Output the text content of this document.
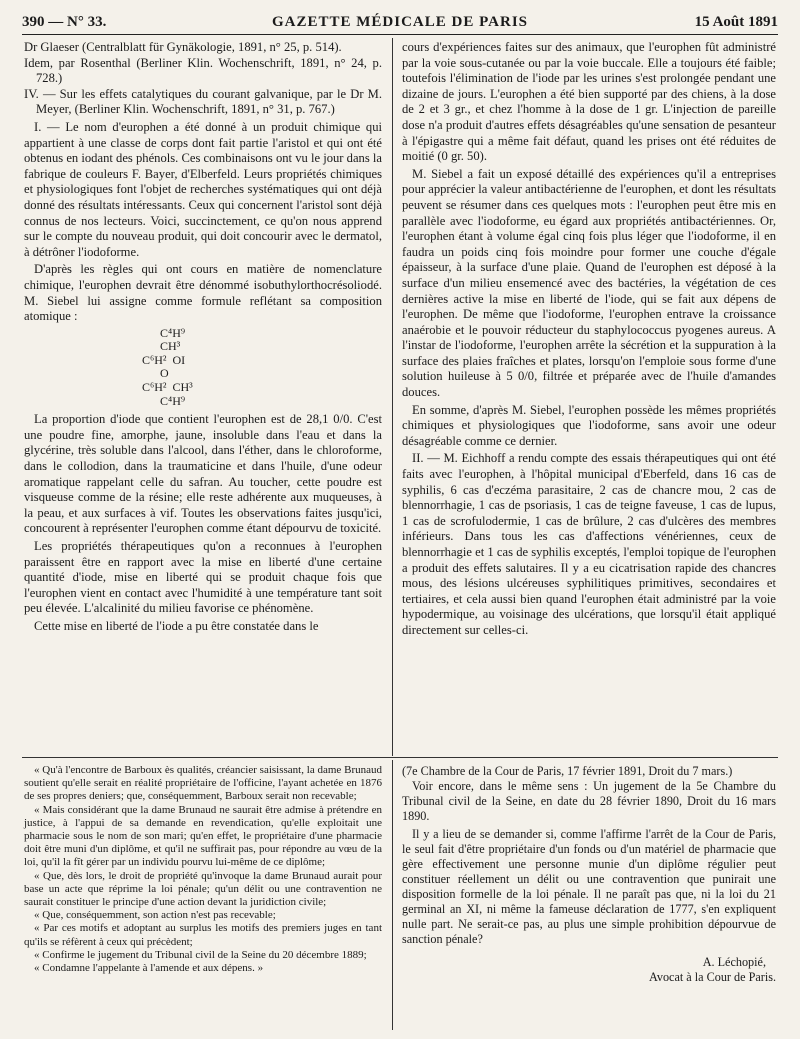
390 — N° 33.	GAZETTE MÉDICALE DE PARIS	15 Août 1891

Dr Glaeser (Centralblatt für Gynäkologie, 1891, n° 25, p. 514).

Idem, par Rosenthal (Berliner Klin. Wochenschrift, 1891, n° 24, p. 728.)

IV. — Sur les effets catalytiques du courant galvanique, par le Dr M. Meyer, (Berliner Klin. Wochenschrift, 1891, n° 31, p. 767.)

I. — Le nom d'europhen a été donné à un produit chimique qui appartient à une classe de corps dont fait partie l'aristol et qui ont été obtenus en iodant des phénols. Ces combinaisons ont vu le jour dans la fabrique de couleurs F. Bayer, d'Elberfeld. Leurs propriétés chimiques et physiologiques font l'objet de recherches systématiques qui ont déjà donné des résultats intéressants. Ceux qui concernent l'aristol sont déjà connus de nos lecteurs. Voici, succinctement, ce qu'on nous apprend sur le compte du nouveau produit, qui doit concourir avec le dermatol, à détrôner l'iodoforme.

D'après les règles qui ont cours en matière de nomenclature chimique, l'europhen devrait être dénommé isobuthylorthocrésoliodé. M. Siebel lui assigne comme formule reflétant sa composition atomique :

C⁴H⁹
CH³
C⁶H²  OI
O
C⁶H²  CH³
C⁴H⁹

La proportion d'iode que contient l'europhen est de 28,1 0/0. C'est une poudre fine, amorphe, jaune, insoluble dans l'eau et dans la glycérine, très soluble dans l'alcool, dans l'éther, dans le chloroforme, dans le collodion, dans la traumaticine et dans l'huile, d'une odeur aromatique rappelant celle du safran. Au toucher, cette poudre est visqueuse comme de la résine; elle reste adhérente aux muqueuses, à la peau, et aux surfaces à vif. Toutes les observations faites jusqu'ici, concourent à représenter l'europhen comme étant dépourvu de toxicité.

Les propriétés thérapeutiques qu'on a reconnues à l'europhen paraissent être en rapport avec la mise en liberté d'une certaine quantité d'iode, mise en liberté qui se produit chaque fois que l'europhen vient en contact avec l'humidité à une température tant soit peu élevée. L'alcalinité du milieu favorise ce phénomène.

Cette mise en liberté de l'iode a pu être constatée dans le

cours d'expériences faites sur des animaux, que l'europhen fût administré par la voie sous-cutanée ou par la voie buccale. Elle a toujours été faible; toutefois l'élimination de l'iode par les urines s'est prolongée pendant une dizaine de jours. L'europhen a été bien supporté par des chiens, à la dose de 2 et 3 gr., et chez l'homme à la dose de 1 gr. L'injection de pareille dose n'a produit d'autres effets désagréables qu'une sensation de pesanteur à l'épigastre qui a même fait défaut, quand les prises ont été réduites de moitié (0 gr. 50).

M. Siebel a fait un exposé détaillé des expériences qu'il a entreprises pour apprécier la valeur antibactérienne de l'europhen, et dont les résultats peuvent se résumer dans ces quelques mots : l'europhen peut être mis en parallèle avec l'iodoforme, eu égard aux propriétés antibactériennes. Or, l'europhen étant à volume égal cinq fois plus léger que l'iodoforme, il en faudra un poids cinq fois moindre pour former une couche d'égale épaisseur, à la surface d'une plaie. Quand de l'europhen est déposé à la surface d'un milieu ensemencé avec des bactéries, la végétation de ces dernières active la mise en liberté de l'iode, qui se fait aux dépens de l'europhen. De même que l'iodoforme, l'europhen entrave la croissance anaérobie et le pouvoir réducteur du staphylococcus pyogenes aureus. A l'instar de l'iodoforme, l'europhen arrête la sécrétion et la suppuration à la surface des plaies fraîches et plates, lorsqu'on l'emploie sous forme d'une solution huileuse à 5 0/0, filtrée et préparée avec de l'huile d'amandes douces.

En somme, d'après M. Siebel, l'europhen possède les mêmes propriétés chimiques et physiologiques que l'iodoforme, sans avoir une odeur désagréable comme ce dernier.

II. — M. Eichhoff a rendu compte des essais thérapeutiques qui ont été faits avec l'europhen, à l'hôpital municipal d'Eberfeld, dans 16 cas de syphilis, 6 cas d'eczéma parasitaire, 2 cas de chancre mou, 2 cas de blennorrhagie, 1 cas de psoriasis, 1 cas de teigne faveuse, 1 cas de lupus, 1 cas de scrofulodermie, 1 cas de brûlure, 2 cas d'ulcères des membres inférieurs. Dans tous les cas d'affections vénériennes, ceux de blennorrhagie et 1 cas de syphilis exceptés, l'emploi topique de l'europhen a produit des effets salutaires. Il y a eu cicatrisation rapide des chancres mous, des lésions ulcéreuses syphilitiques primitives, secondaires et tertiaires, et cela aussi bien quand l'europhen était administré par la voie hypodermique, au voisinage des ulcérations, que lorsqu'il était appliqué directement sur celles-ci.

« Qu'à l'encontre de Barboux ès qualités, créancier saisissant, la dame Brunaud soutient qu'elle serait en réalité propriétaire de l'officine, l'ayant achetée en 1876 de ses propres deniers; que, conséquemment, Barboux serait non recevable;

« Mais considérant que la dame Brunaud ne saurait être admise à prétendre en justice, à l'appui de sa demande en revendication, qu'elle exploitait une pharmacie sous le nom de son mari; qu'en effet, le propriétaire d'une pharmacie doit être muni d'un diplôme, et qu'il ne suffirait pas, pour répondre au vœu de la loi, qu'il la fît gérer par un individu pourvu lui-même de ce diplôme;

« Que, dès lors, le droit de propriété qu'invoque la dame Brunaud aurait pour base un acte que réprime la loi pénale; qu'un délit ou une contravention ne saurait constituer le principe d'une action devant la juridiction civile;

« Que, conséquemment, son action n'est pas recevable;

« Par ces motifs et adoptant au surplus les motifs des premiers juges en tant qu'ils se réfèrent à ceux qui précèdent;

« Confirme le jugement du Tribunal civil de la Seine du 20 décembre 1889;

« Condamne l'appelante à l'amende et aux dépens. »

(7e Chambre de la Cour de Paris, 17 février 1891, Droit du 7 mars.)

Voir encore, dans le même sens : Un jugement de la 5e Chambre du Tribunal civil de la Seine, en date du 28 février 1890, Droit du 16 mars 1890.

Il y a lieu de se demander si, comme l'affirme l'arrêt de la Cour de Paris, le seul fait d'être propriétaire d'un fonds ou d'un matériel de pharmacie que gère effectivement une personne munie d'un diplôme régulier peut constituer réellement un délit ou une contravention que punirait une disposition formelle de la loi pénale. Il ne paraît pas que, ni la loi du 21 germinal an XI, ni même la fameuse déclaration de 1777, s'en expliquent nulle part. Ne serait-ce pas, au plus une simple prohibition dépourvue de sanction pénale?

A. Léchopié,

Avocat à la Cour de Paris.
